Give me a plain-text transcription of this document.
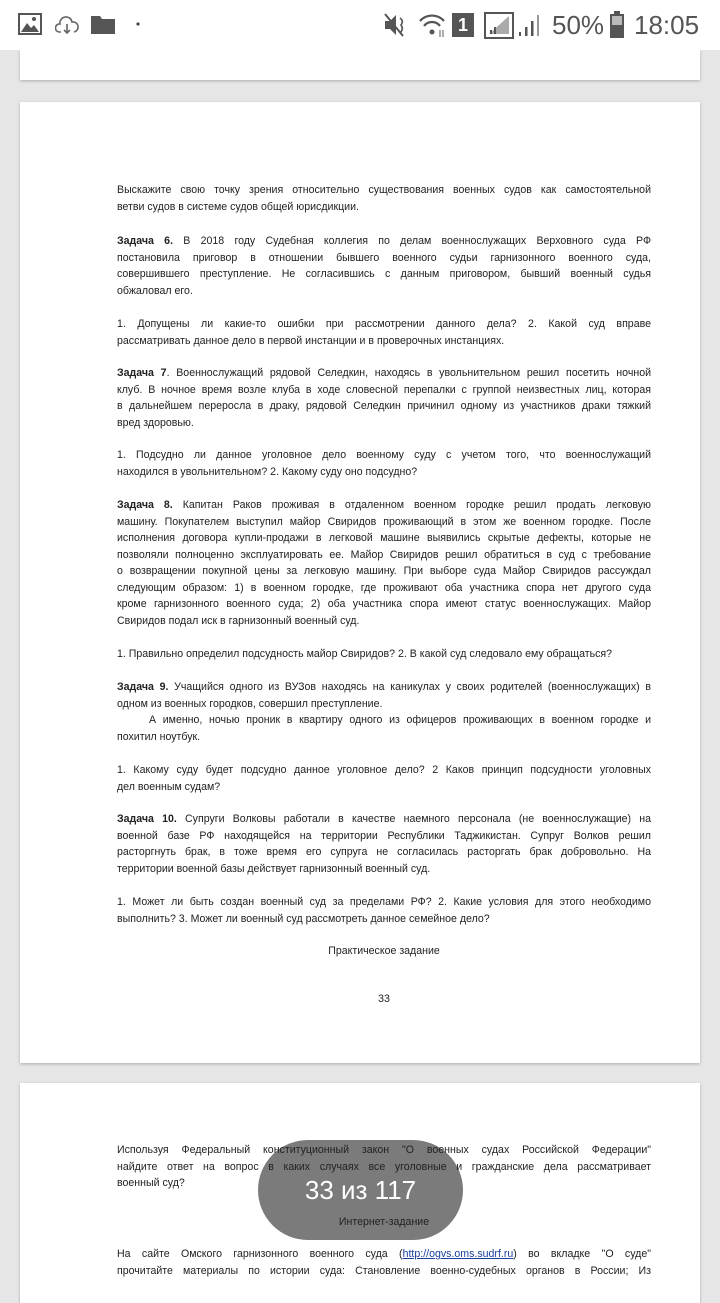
1	50% 18:05
Выскажите свою точку зрения относительно существования военных судов как самостоятельной
ветви судов в системе судов общей юрисдикции.
Задача 6. В 2018 году Судебная коллегия по делам военнослужащих Верховного суда РФ
постановила приговор в отношении бывшего военного судьи гарнизонного военного суда,
совершившего преступление. Не согласившись с данным приговором, бывший военный судья
обжаловал его.
1. Допущены ли какие-то ошибки при рассмотрении данного дела? 2. Какой суд вправе
рассматривать данное дело в первой инстанции и в проверочных инстанциях.
Задача 7. Военнослужащий рядовой Селедкин, находясь в увольнительном решил посетить ночной
клуб. В ночное время возле клуба в ходе словесной перепалки с группой неизвестных лиц, которая
в дальнейшем переросла в драку, рядовой Селедкин причинил одному из участников драки тяжкий
вред здоровью.
1. Подсудно ли данное уголовное дело военному суду с учетом того, что военнослужащий
находился в увольнительном? 2. Какому суду оно подсудно?
Задача 8. Капитан Раков проживая в отдаленном военном городке решил продать легковую
машину. Покупателем выступил майор Свиридов проживающий в этом же военном городке. После
исполнения договора купли-продажи в легковой машине выявились скрытые дефекты, которые не
позволяли полноценно эксплуатировать ее. Майор Свиридов решил обратиться в суд с требование
о возвращении покупной цены за легковую машину. При выборе суда Майор Свиридов рассуждал
следующим образом: 1) в военном городке, где проживают оба участника спора нет другого суда
кроме гарнизонного военного суда; 2) оба участника спора имеют статус военнослужащих. Майор
Свиридов подал иск в гарнизонный военный суд.
1. Правильно определил подсудность майор Свиридов? 2. В какой суд следовало ему обращаться?
Задача 9. Учащийся одного из ВУЗов находясь на каникулах у своих родителей (военнослужащих) в
одном из военных городков, совершил преступление.
А именно, ночью проник в квартиру одного из офицеров проживающих в военном городке и
похитил ноутбук.
1. Какому суду будет подсудно данное уголовное дело? 2 Каков принцип подсудности уголовных
дел военным судам?
Задача 10. Супруги Волковы работали в качестве наемного персонала (не военнослужащие) на
военной базе РФ находящейся на территории Республики Таджикистан. Супруг Волков решил
расторгнуть брак, в тоже время его супруга не согласилась расторгать брак добровольно. На
территории военной базы действует гарнизонный военный суд.
1. Может ли быть создан военный суд за пределами РФ? 2. Какие условия для этого необходимо
выполнить? 3. Может ли военный суд рассмотреть данное семейное дело?
Практическое задание
Используя Федеральный конституционный закон "О военных судах Российской Федерации"
найдите ответ на вопрос в каких случаях все уголовные и гражданские дела рассматривает
военный суд?
Интернет-задание
33
На сайте Омского гарнизонного военного суда (http://ogvs.oms.sudrf.ru) во вкладке "О суде"
прочитайте материалы по истории суда: Становление военно-судебных органов в России; Из
33 из 117
